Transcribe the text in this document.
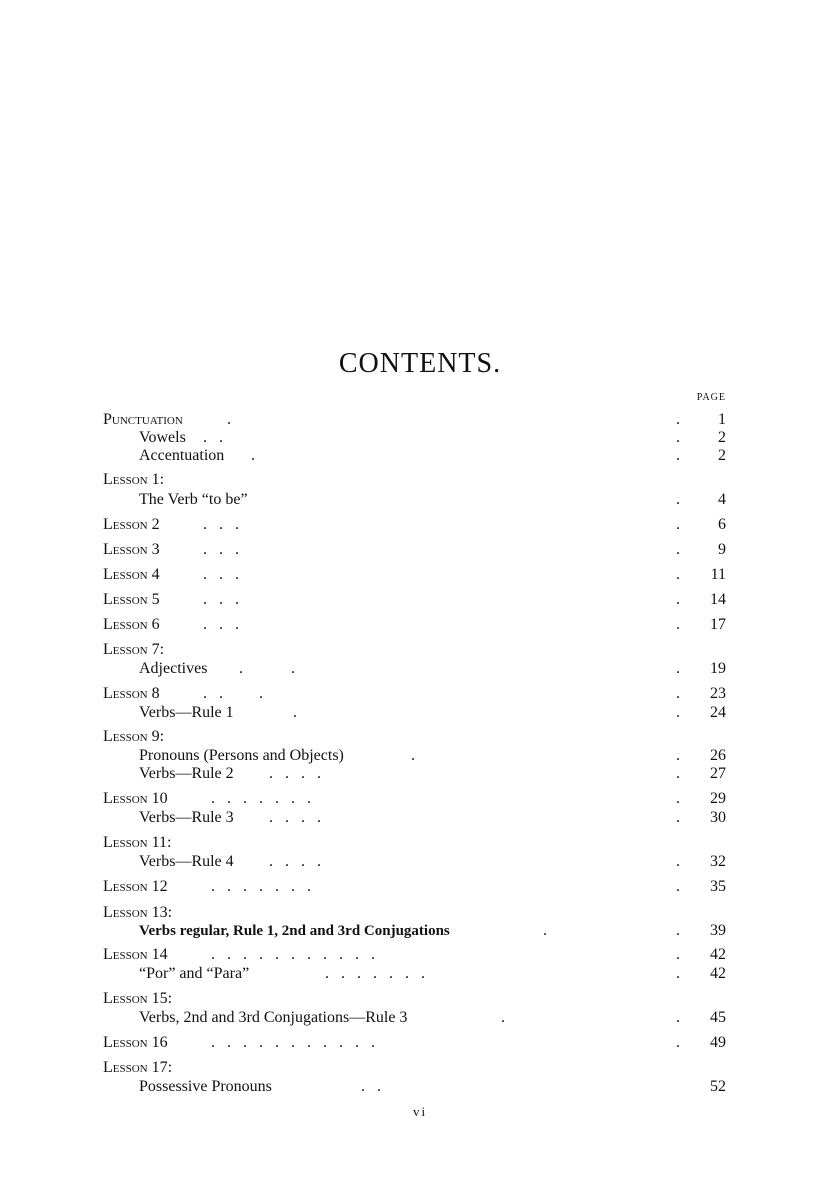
CONTENTS.
PAGE
Punctuation .	. 1
Vowels .   .	. 2
Accentuation .	. 2
Lesson 1:
The Verb “to be”	. 4
Lesson 2 .   .   .	. 6
Lesson 3 .   .   .	. 9
Lesson 4 .   .   .	. 11
Lesson 5 .   .   .	. 14
Lesson 6 .   .   .	. 17
Lesson 7:
Adjectives .            .	. 19
Lesson 8 .   .         .	. 23
Verbs—Rule 1 .	. 24
Lesson 9:
Pronouns (Persons and Objects)	.	. 26
Verbs—Rule 2 .   .   .   .	. 27
Lesson 10 .   .   .   .   .   .   .	. 29
Verbs—Rule 3 .   .   .   .	. 30
Lesson 11:
Verbs—Rule 4 .   .   .   .	. 32
Lesson 12 .   .   .   .   .   .   .	. 35
Lesson 13:
Verbs regular, Rule 1, 2nd and 3rd Conjugations	.	. 39
Lesson 14 .   .   .   .   .   .   .   .   .   .   .	. 42
“Por” and “Para”	.   .   .   .   .   .   .	. 42
Lesson 15:
Verbs, 2nd and 3rd Conjugations—Rule 3	.	. 45
Lesson 16 .   .   .   .   .   .   .   .   .   .   .	. 49
Lesson 17:
Possessive Pronouns	.   .	52
vi
